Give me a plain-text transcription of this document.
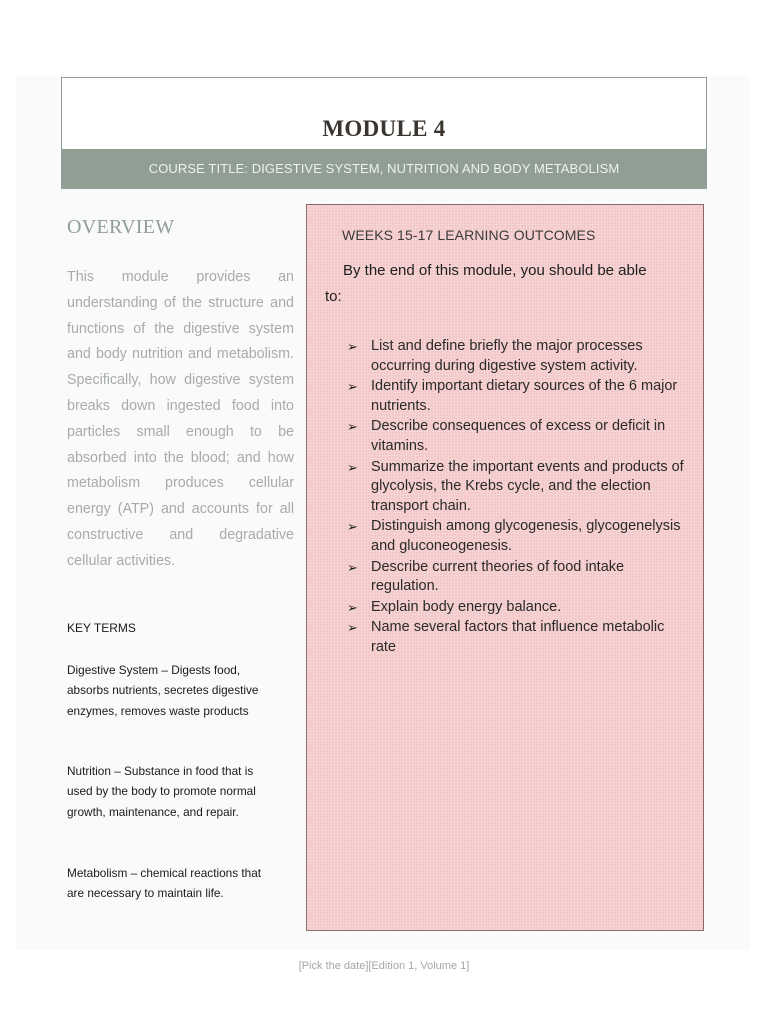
MODULE 4
COURSE TITLE: DIGESTIVE SYSTEM, NUTRITION AND BODY METABOLISM
OVERVIEW

This module provides an understanding of the structure and functions of the digestive system and body nutrition and metabolism. Specifically, how digestive system breaks down ingested food into particles small enough to be absorbed into the blood; and how metabolism produces cellular energy (ATP) and accounts for all constructive and degradative cellular activities.

KEY TERMS

Digestive System – Digests food, absorbs nutrients, secretes digestive enzymes, removes waste products

Nutrition – Substance in food that is used by the body to promote normal growth, maintenance, and repair.

Metabolism – chemical reactions that are necessary to maintain life.

WEEKS 15-17 LEARNING OUTCOMES

By the end of this module, you should be able to:

➢ List and define briefly the major processes occurring during digestive system activity.
➢ Identify important dietary sources of the 6 major nutrients.
➢ Describe consequences of excess or deficit in vitamins.
➢ Summarize the important events and products of glycolysis, the Krebs cycle, and the election transport chain.
➢ Distinguish among glycogenesis, glycogenelysis and gluconeogenesis.
➢ Describe current theories of food intake regulation.
➢ Explain body energy balance.
➢ Name several factors that influence metabolic rate
[Pick the date][Edition 1, Volume 1]
